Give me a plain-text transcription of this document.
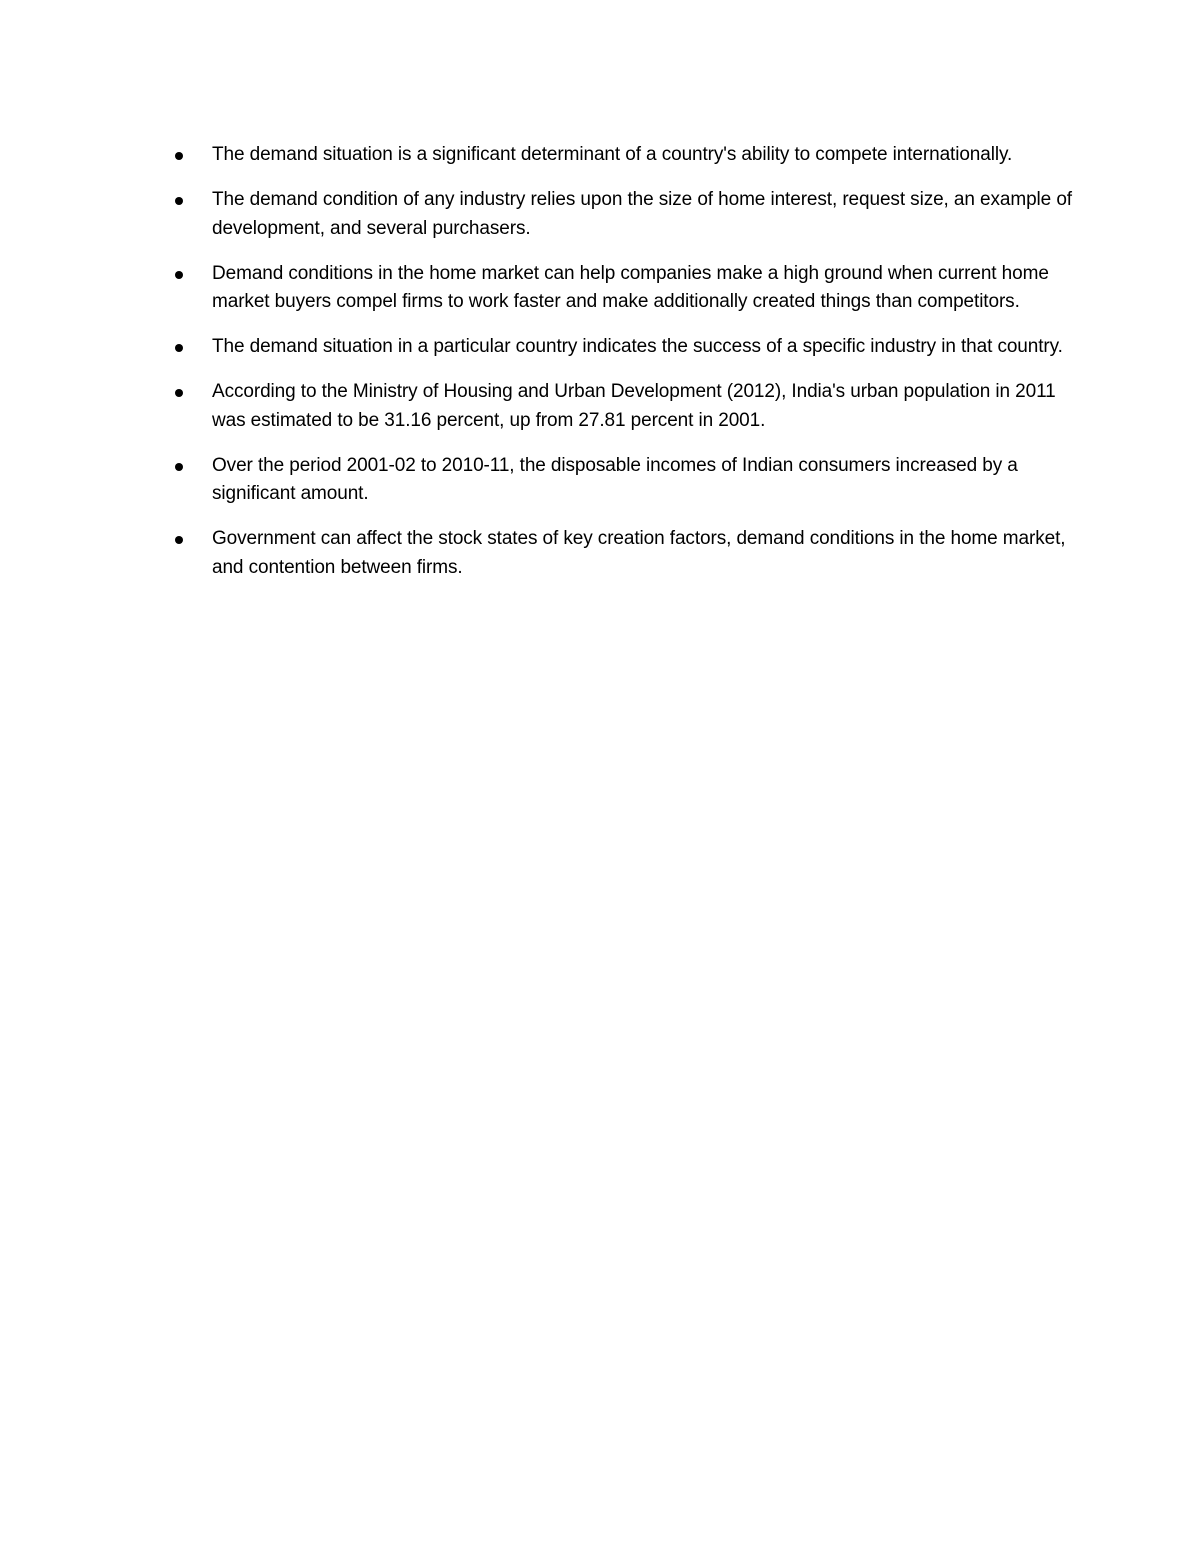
The demand situation is a significant determinant of a country's ability to compete internationally.
The demand condition of any industry relies upon the size of home interest, request size, an example of development, and several purchasers.
Demand conditions in the home market can help companies make a high ground when current home market buyers compel firms to work faster and make additionally created things than competitors.
The demand situation in a particular country indicates the success of a specific industry in that country.
According to the Ministry of Housing and Urban Development (2012), India's urban population in 2011 was estimated to be 31.16 percent, up from 27.81 percent in 2001.
Over the period 2001-02 to 2010-11, the disposable incomes of Indian consumers increased by a significant amount.
Government can affect the stock states of key creation factors, demand conditions in the home market, and contention between firms.
